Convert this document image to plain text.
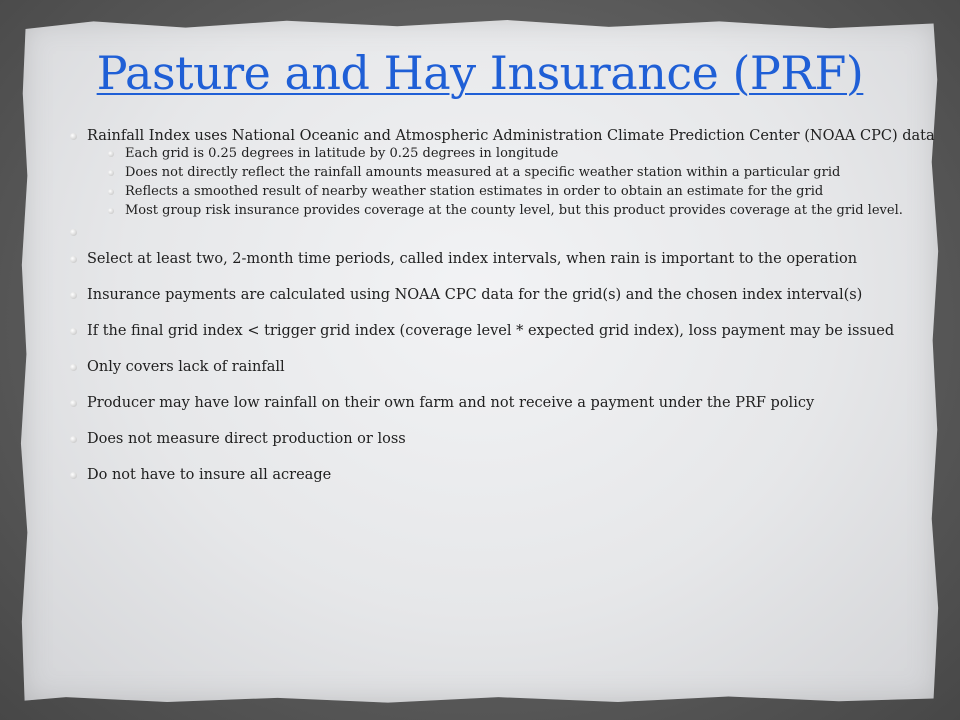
Pasture and Hay Insurance (PRF)
Rainfall Index uses National Oceanic and Atmospheric Administration Climate Prediction Center (NOAA CPC) data
Each grid is 0.25 degrees in latitude by 0.25 degrees in longitude
Does not directly reflect the rainfall amounts measured at a specific weather station within a particular grid
Reflects a smoothed result of nearby weather station estimates in order to obtain an estimate for the grid
Most group risk insurance provides coverage at the county level, but this product provides coverage at the grid level.
Select at least two, 2-month time periods, called index intervals, when rain is important to the operation
Insurance payments are calculated using NOAA CPC data for the grid(s) and the chosen index interval(s)
If the final grid index < trigger grid index (coverage level * expected grid index), loss payment may be issued
Only covers lack of rainfall
Producer may have low rainfall on their own farm and not receive a payment under the PRF policy
Does not measure direct production or loss
Do not have to insure all acreage
